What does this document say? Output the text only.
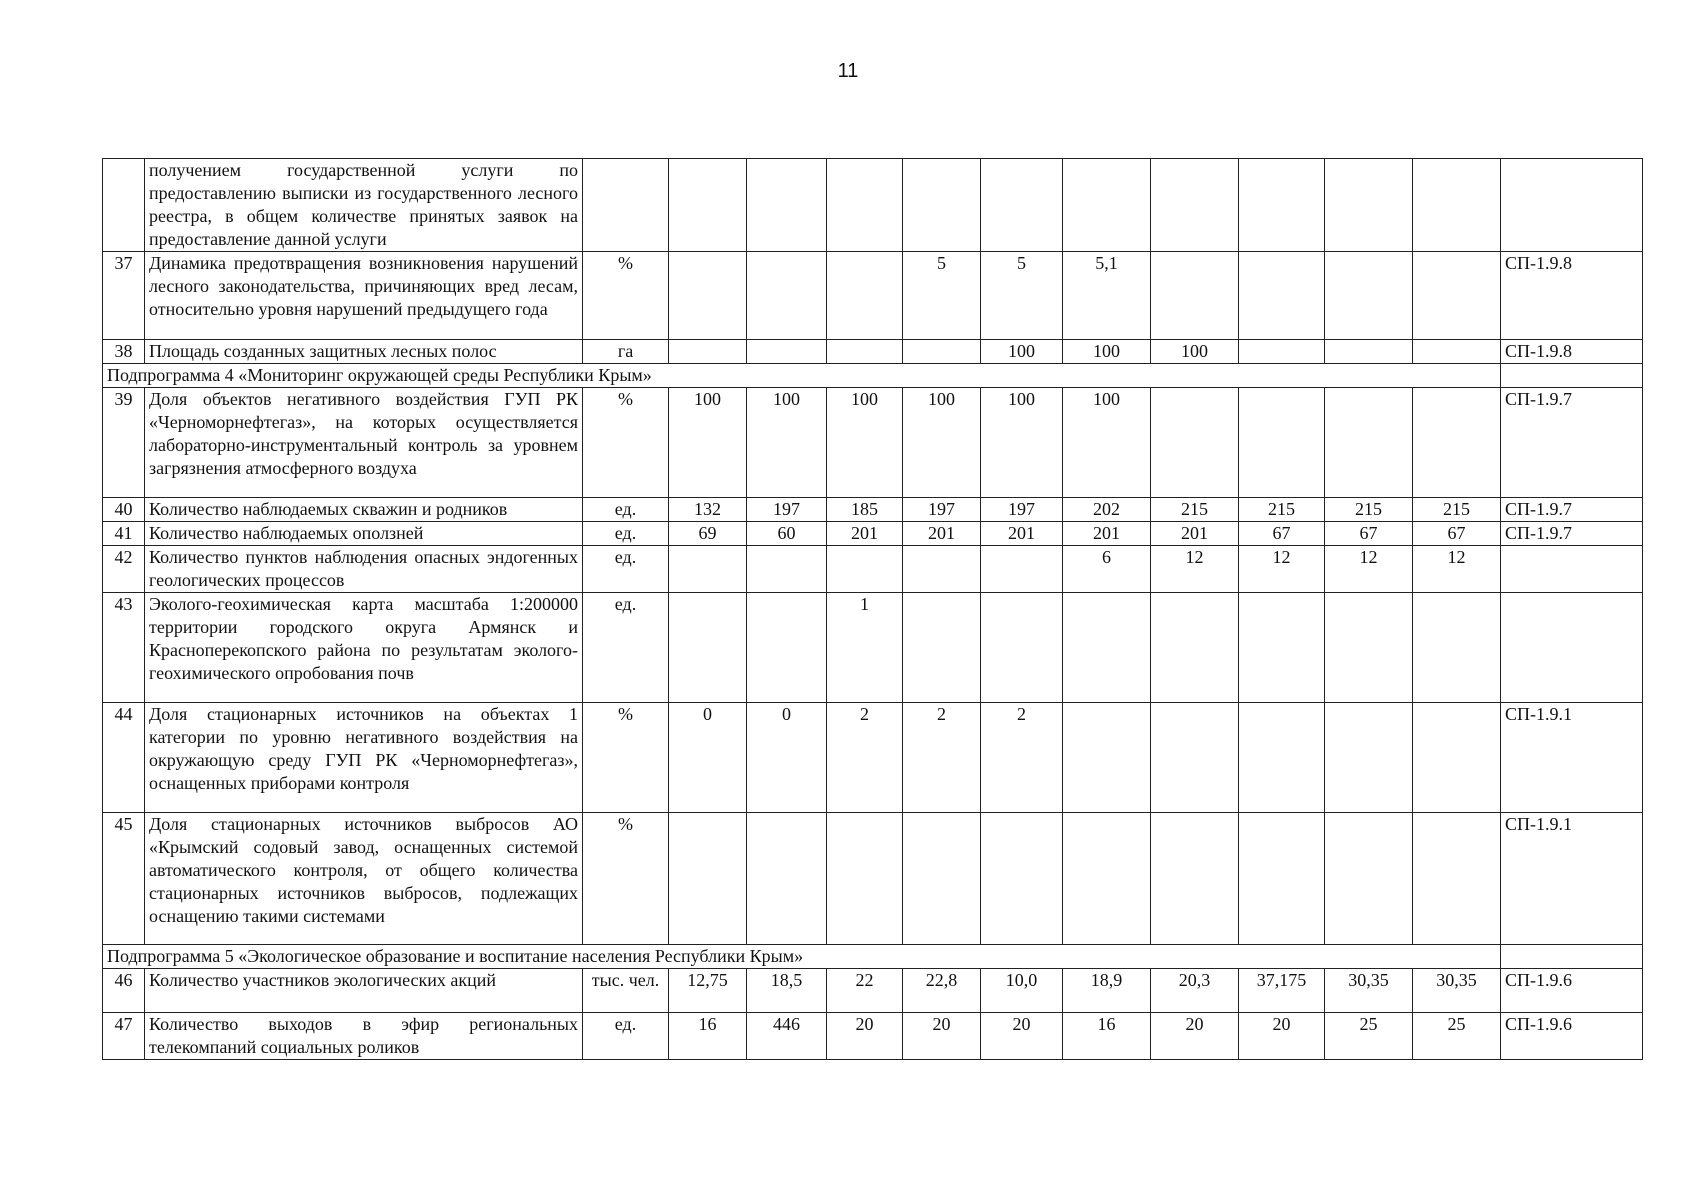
11
	получением государственной услуги по предоставлению выписки из государственного лесного реестра, в общем количестве принятых заявок на предоставление данной услуги												
37	Динамика предотвращения возникновения нарушений лесного законодательства, причиняющих вред лесам, относительно уровня нарушений предыдущего года	%				5	5	5,1					СП-1.9.8
38	Площадь созданных защитных лесных полос	га					100	100	100				СП-1.9.8
Подпрограмма 4 «Мониторинг окружающей среды Республики Крым»													
39	Доля объектов негативного воздействия ГУП РК «Черноморнефтегаз», на которых осуществляется лабораторно-инструментальный контроль за уровнем загрязнения атмосферного воздуха	%	100	100	100	100	100	100					СП-1.9.7
40	Количество наблюдаемых скважин и родников	ед.	132	197	185	197	197	202	215	215	215	215	СП-1.9.7
41	Количество наблюдаемых оползней	ед.	69	60	201	201	201	201	201	67	67	67	СП-1.9.7
42	Количество пунктов наблюдения опасных эндогенных геологических процессов	ед.						6	12	12	12	12	
43	Эколого-геохимическая карта масштаба 1:200000 территории городского округа Армянск и Красноперекопского района по результатам эколого-геохимического опробования почв	ед.			1								
44	Доля стационарных источников на объектах 1 категории по уровню негативного воздействия на окружающую среду ГУП РК «Черноморнефтегаз», оснащенных приборами контроля	%	0	0	2	2	2						СП-1.9.1
45	Доля стационарных источников выбросов АО «Крымский содовый завод, оснащенных системой автоматического контроля, от общего количества стационарных источников выбросов, подлежащих оснащению такими системами	%											СП-1.9.1
Подпрограмма 5 «Экологическое образование и воспитание населения Республики Крым»													
46	Количество участников экологических акций	тыс. чел.	12,75	18,5	22	22,8	10,0	18,9	20,3	37,175	30,35	30,35	СП-1.9.6
47	Количество выходов в эфир региональных телекомпаний социальных роликов	ед.	16	446	20	20	20	16	20	20	25	25	СП-1.9.6
